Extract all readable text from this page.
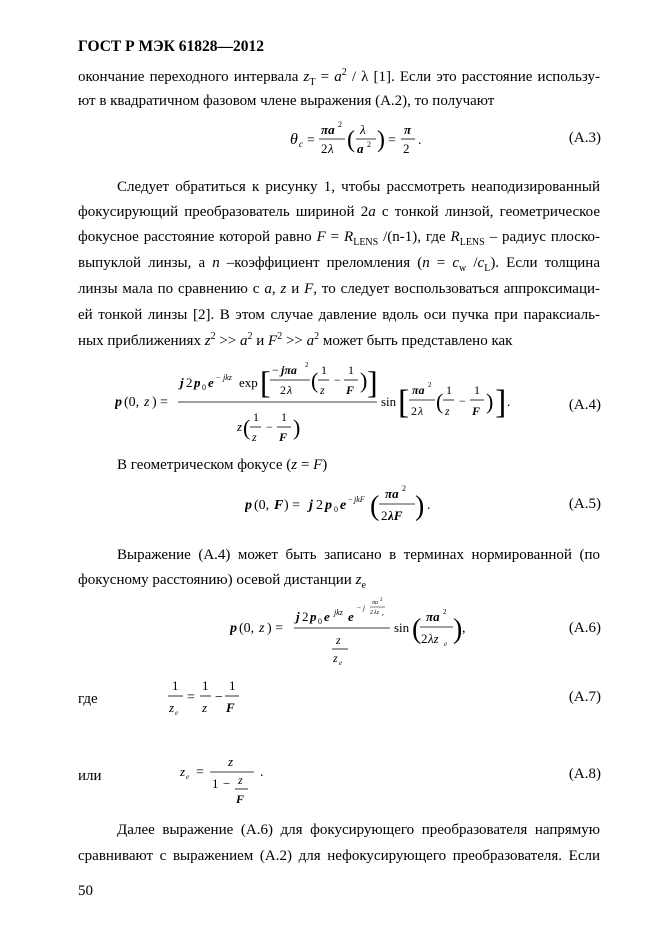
ГОСТ Р МЭК 61828—2012
окончание переходного интервала $z_T = a^2 / \lambda$ [1]. Если это расстояние использу-
ют в квадратичном фазовом члене выражения (А.2), то получают
θ c =
πa 2
2 λ ( λ
a 2 ) =
π
2
.	(А.3)
Следует обратиться к рисунку 1, чтобы рассмотреть неаподизированный
фокусирующий преобразователь шириной 2a с тонкой линзой, геометрическое
фокусное расстояние которой равно $F = R_{LENS}$ /(n-1), где $R_{LENS}$ – радиус плоско-
выпуклой линзы, а n –коэффициент преломления ($n = c_w$ $/c_L$). Если толщина
линзы мала по сравнению с a, z и F, то следует воспользоваться аппроксимаци-
ей тонкой линзы [2]. В этом случае давление вдоль оси пучка при параксиаль-
ных приближениях $z^2 >> a^2$ и $F^2 >> a^2$ может быть представлено как
p (0, z ) =
j 2 p 0 e − jkz exp [ − jπa 2
2 λ ( 1
z
−
1
F ) ]
z ( 1
z
−
1
F )
sin [ πa 2
2 λ ( 1
z
−
1
F ) ] .	(А.4)
В геометрическом фокусе (z = F)
p (0, F ) = j 2 p 0 e − jkF ( πa 2
2 λF ) .	(А.5)
Выражение (А.4) может быть записано в терминах нормированной (по
фокусному расстоянию) осевой дистанции $z_e$
p (0, z ) =
j 2 p 0 e jkz e
− j
πa 2
2 λz e
z
z e
sin ( πa 2
2 λz e ) ,	(А.6)
где
1
z e
=
1
z
−
1
F
(А.7)
или	z e =
z
1 − z
F
.	(А.8)
Далее выражение (А.6) для фокусирующего преобразователя напрямую
сравнивают с выражением (А.2) для нефокусирующего преобразователя. Если
50
